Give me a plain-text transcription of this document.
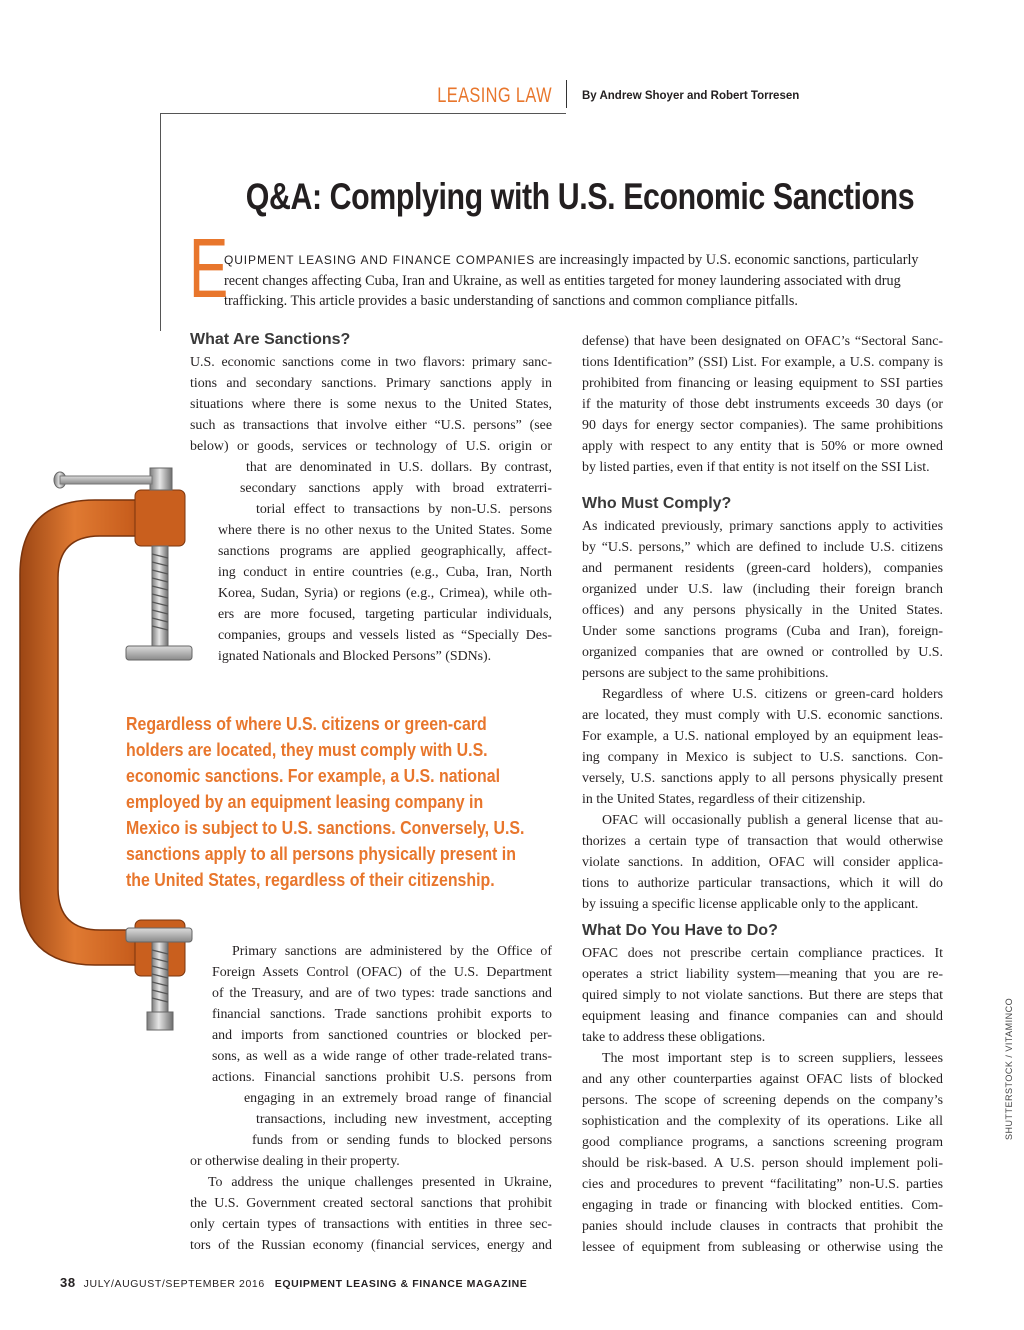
LEASING LAW	By Andrew Shoyer and Robert Torresen
Q&A: Complying with U.S. Economic Sanctions
E
QUIPMENT LEASING AND FINANCE COMPANIES are increasingly impacted by U.S. economic sanctions, particularly
recent changes affecting Cuba, Iran and Ukraine, as well as entities targeted for money laundering associated with drug
trafficking. This article provides a basic understanding of sanctions and common compliance pitfalls.
What Are Sanctions?
U.S. economic sanctions come in two flavors: primary sanc-
tions and secondary sanctions. Primary sanctions apply in
situations where there is some nexus to the United States,
such as transactions that involve either “U.S. persons” (see
below) or goods, services or technology of U.S. origin or
that are denominated in U.S. dollars. By contrast,
secondary sanctions apply with broad extraterri-
torial effect to transactions by non-U.S. persons
where there is no other nexus to the United States. Some
sanctions programs are applied geographically, affect-
ing conduct in entire countries (e.g., Cuba, Iran, North
Korea, Sudan, Syria) or regions (e.g., Crimea), while oth-
ers are more focused, targeting particular individuals,
companies, groups and vessels listed as “Specially Des-
ignated Nationals and Blocked Persons” (SDNs).
Regardless of where U.S. citizens or green-card
holders are located, they must comply with U.S.
economic sanctions. For example, a U.S. national
employed by an equipment leasing company in
Mexico is subject to U.S. sanctions. Conversely, U.S.
sanctions apply to all persons physically present in
the United States, regardless of their citizenship.
Primary sanctions are administered by the Office of
Foreign Assets Control (OFAC) of the U.S. Department
of the Treasury, and are of two types: trade sanctions and
financial sanctions. Trade sanctions prohibit exports to
and imports from sanctioned countries or blocked per-
sons, as well as a wide range of other trade-related trans-
actions. Financial sanctions prohibit U.S. persons from
engaging in an extremely broad range of financial
transactions, including new investment, accepting
funds from or sending funds to blocked persons
or otherwise dealing in their property.
To address the unique challenges presented in Ukraine,
the U.S. Government created sectoral sanctions that prohibit
only certain types of transactions with entities in three sec-
tors of the Russian economy (financial services, energy and
defense) that have been designated on OFAC’s “Sectoral Sanc-
tions Identification” (SSI) List. For example, a U.S. company is
prohibited from financing or leasing equipment to SSI parties
if the maturity of those debt instruments exceeds 30 days (or
90 days for energy sector companies). The same prohibitions
apply with respect to any entity that is 50% or more owned
by listed parties, even if that entity is not itself on the SSI List.
Who Must Comply?
As indicated previously, primary sanctions apply to activities
by “U.S. persons,” which are defined to include U.S. citizens
and permanent residents (green-card holders), companies
organized under U.S. law (including their foreign branch
offices) and any persons physically in the United States.
Under some sanctions programs (Cuba and Iran), foreign-
organized companies that are owned or controlled by U.S.
persons are subject to the same prohibitions.
Regardless of where U.S. citizens or green-card holders
are located, they must comply with U.S. economic sanctions.
For example, a U.S. national employed by an equipment leas-
ing company in Mexico is subject to U.S. sanctions. Con-
versely, U.S. sanctions apply to all persons physically present
in the United States, regardless of their citizenship.
OFAC will occasionally publish a general license that au-
thorizes a certain type of transaction that would otherwise
violate sanctions. In addition, OFAC will consider applica-
tions to authorize particular transactions, which it will do
by issuing a specific license applicable only to the applicant.
What Do You Have to Do?
OFAC does not prescribe certain compliance practices. It
operates a strict liability system—meaning that you are re-
quired simply to not violate sanctions. But there are steps that
equipment leasing and finance companies can and should
take to address these obligations.
The most important step is to screen suppliers, lessees
and any other counterparties against OFAC lists of blocked
persons. The scope of screening depends on the company’s
sophistication and the complexity of its operations. Like all
good compliance programs, a sanctions screening program
should be risk-based. A U.S. person should implement poli-
cies and procedures to prevent “facilitating” non-U.S. parties
engaging in trade or financing with blocked entities. Com-
panies should include clauses in contracts that prohibit the
lessee of equipment from subleasing or otherwise using the
SHUTTERSTOCK / VITAMINCO
38 JULY/AUGUST/SEPTEMBER 2016 EQUIPMENT LEASING & FINANCE MAGAZINE
